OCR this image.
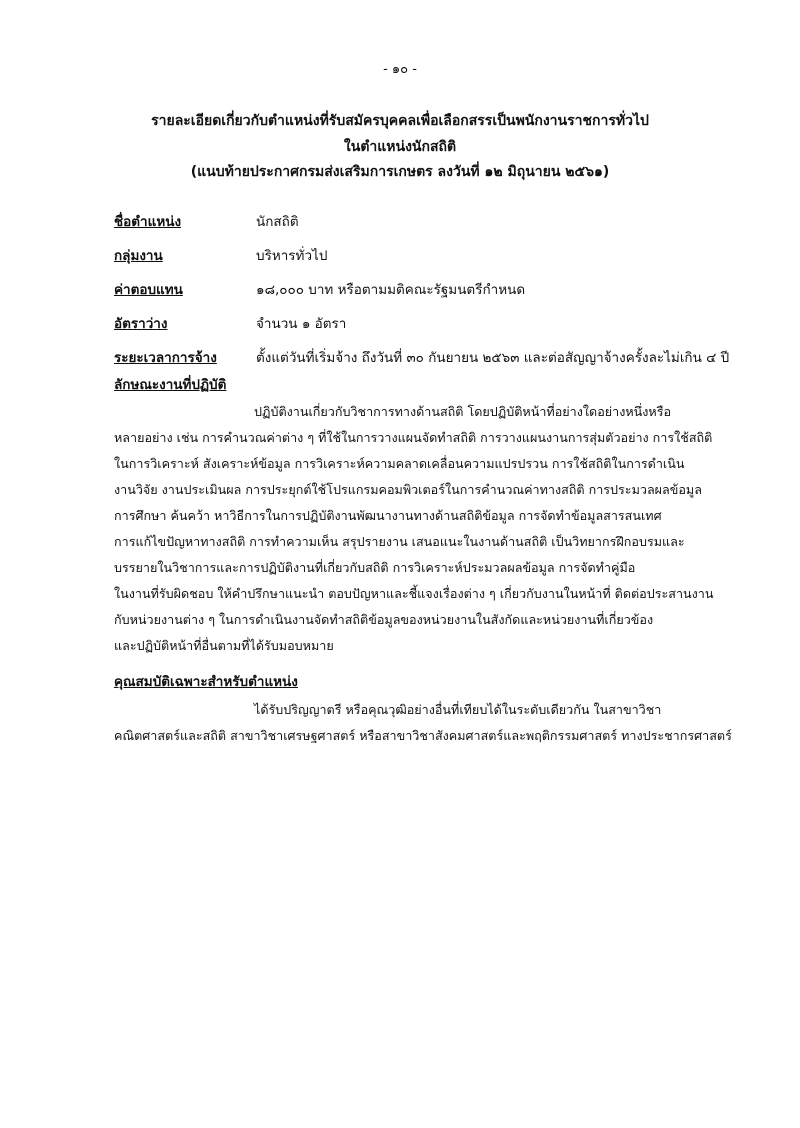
- ๑๐ -
รายละเอียดเกี่ยวกับตำแหน่งที่รับสมัครบุคคลเพื่อเลือกสรรเป็นพนักงานราชการทั่วไป
ในตำแหน่งนักสถิติ
(แนบท้ายประกาศกรมส่งเสริมการเกษตร ลงวันที่ ๑๒ มิถุนายน ๒๕๖๑)
ชื่อตำแหน่ง	นักสถิติ
กลุ่มงาน	บริหารทั่วไป
ค่าตอบแทน	๑๘,๐๐๐ บาท หรือตามมติคณะรัฐมนตรีกำหนด
อัตราว่าง	จำนวน ๑ อัตรา
ระยะเวลาการจ้าง	ตั้งแต่วันที่เริ่มจ้าง ถึงวันที่ ๓๐ กันยายน ๒๕๖๓ และต่อสัญญาจ้างครั้งละไม่เกิน ๔ ปี
ลักษณะงานที่ปฏิบัติ
ปฏิบัติงานเกี่ยวกับวิชาการทางด้านสถิติ โดยปฏิบัติหน้าที่อย่างใดอย่างหนึ่งหรือ
หลายอย่าง เช่น การคำนวณค่าต่าง ๆ ที่ใช้ในการวางแผนจัดทำสถิติ การวางแผนงานการสุ่มตัวอย่าง การใช้สถิติ
ในการวิเคราะห์ สังเคราะห์ข้อมูล การวิเคราะห์ความคลาดเคลื่อนความแปรปรวน การใช้สถิติในการดำเนิน
งานวิจัย งานประเมินผล การประยุกต์ใช้โปรแกรมคอมพิวเตอร์ในการคำนวณค่าทางสถิติ การประมวลผลข้อมูล
การศึกษา ค้นคว้า หาวิธีการในการปฏิบัติงานพัฒนางานทางด้านสถิติข้อมูล การจัดทำข้อมูลสารสนเทศ
การแก้ไขปัญหาทางสถิติ การทำความเห็น สรุปรายงาน เสนอแนะในงานด้านสถิติ เป็นวิทยากรฝึกอบรมและ
บรรยายในวิชาการและการปฏิบัติงานที่เกี่ยวกับสถิติ การวิเคราะห์ประมวลผลข้อมูล การจัดทำคู่มือ
ในงานที่รับผิดชอบ ให้คำปรึกษาแนะนำ ตอบปัญหาและชี้แจงเรื่องต่าง ๆ เกี่ยวกับงานในหน้าที่ ติดต่อประสานงาน
กับหน่วยงานต่าง ๆ ในการดำเนินงานจัดทำสถิติข้อมูลของหน่วยงานในสังกัดและหน่วยงานที่เกี่ยวข้อง
และปฏิบัติหน้าที่อื่นตามที่ได้รับมอบหมาย
คุณสมบัติเฉพาะสำหรับตำแหน่ง
ได้รับปริญญาตรี หรือคุณวุฒิอย่างอื่นที่เทียบได้ในระดับเดียวกัน ในสาขาวิชา
คณิตศาสตร์และสถิติ สาขาวิชาเศรษฐศาสตร์ หรือสาขาวิชาสังคมศาสตร์และพฤติกรรมศาสตร์ ทางประชากรศาสตร์
